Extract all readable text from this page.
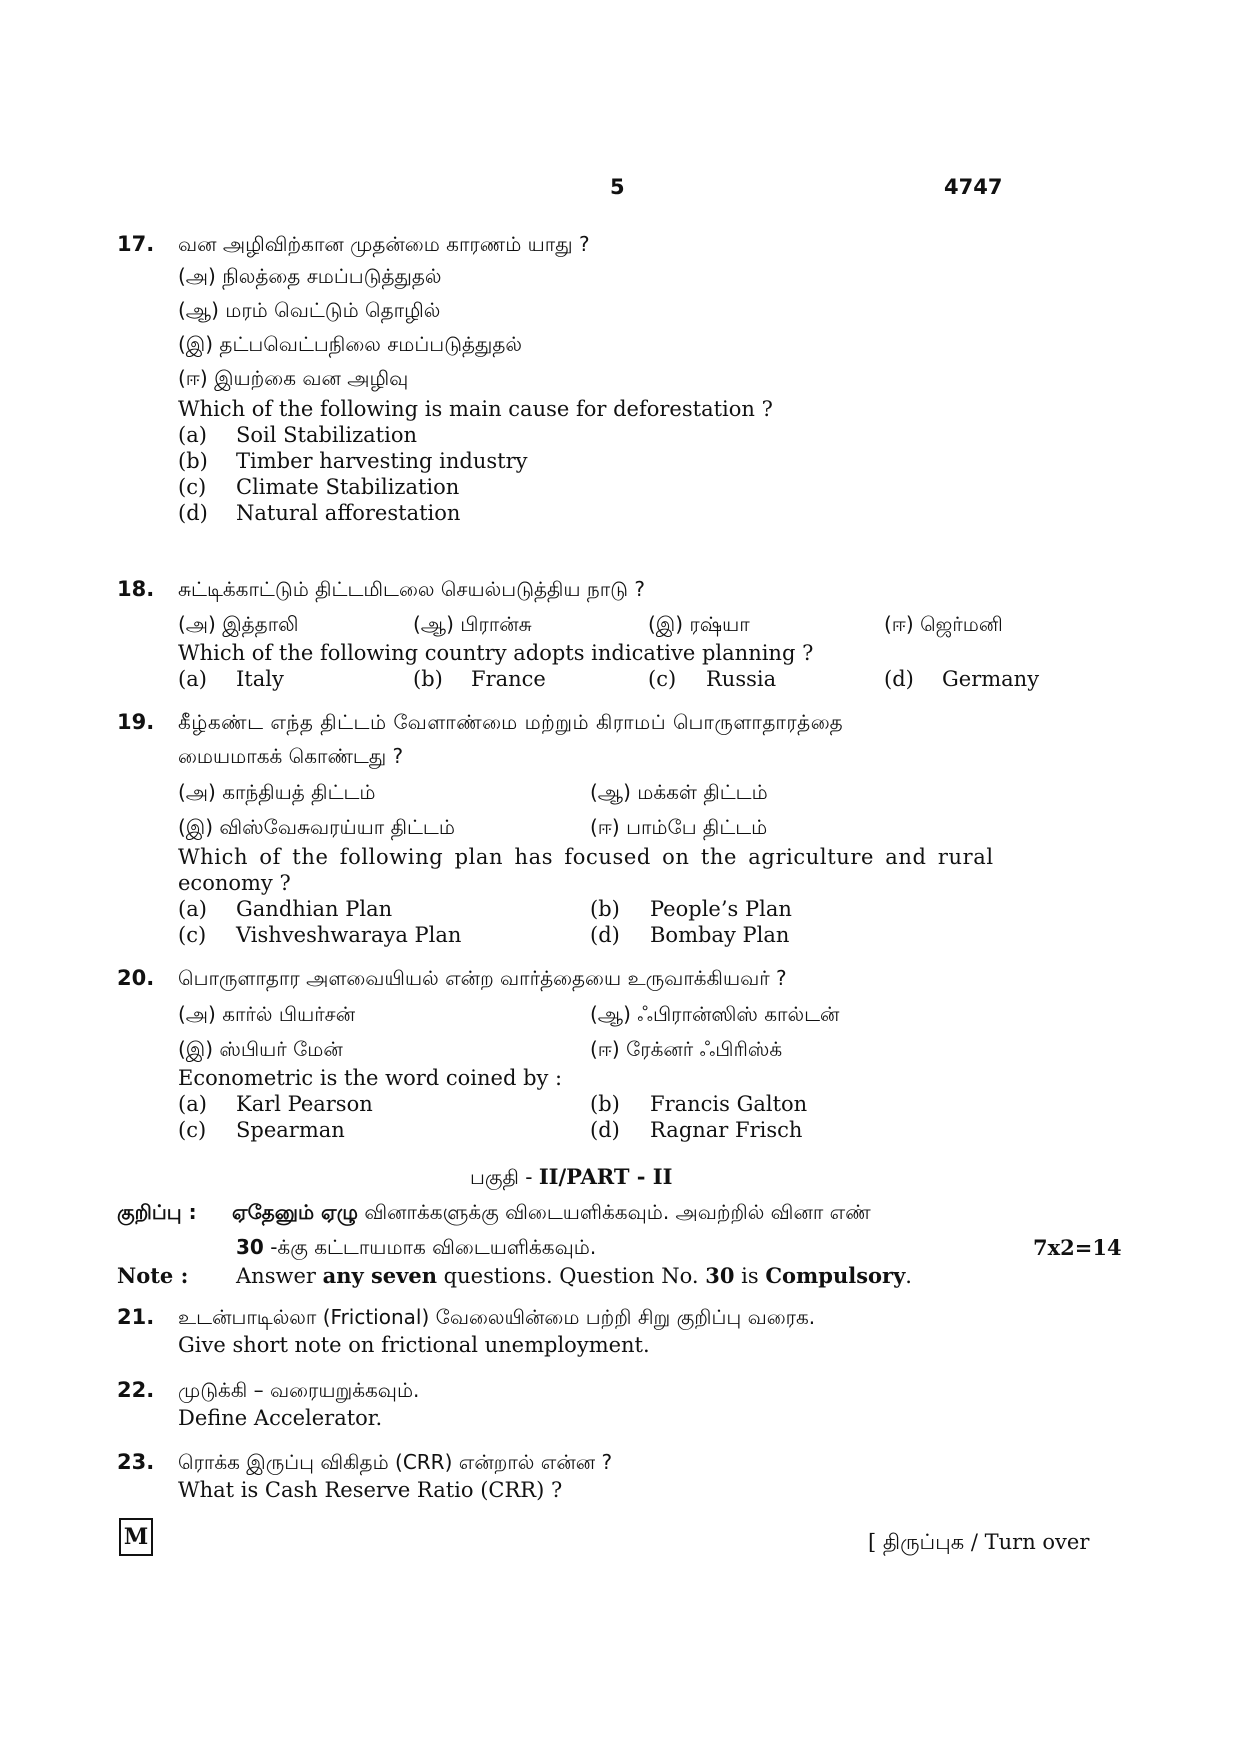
5	4747
17. வன அழிவிற்கான முதன்மை காரணம் யாது ?
(அ) நிலத்தை சமப்படுத்துதல்
(ஆ) மரம் வெட்டும் தொழில்
(இ) தட்பவெட்பநிலை சமப்படுத்துதல்
(ஈ) இயற்கை வன அழிவு
Which of the following is main cause for deforestation ?
(a) Soil Stabilization
(b) Timber harvesting industry
(c) Climate Stabilization
(d) Natural afforestation
18. சுட்டிக்காட்டும் திட்டமிடலை செயல்படுத்திய நாடு ?
(அ) இத்தாலி	(ஆ) பிரான்சு	(இ) ரஷ்யா	(ஈ) ஜெர்மனி
Which of the following country adopts indicative planning ?
(a) Italy	(b) France	(c) Russia	(d) Germany
19. கீழ்கண்ட எந்த திட்டம் வேளாண்மை மற்றும் கிராமப் பொருளாதாரத்தை
மையமாகக் கொண்டது ?
(அ) காந்தியத் திட்டம்	(ஆ) மக்கள் திட்டம்
(இ) விஸ்வேசுவரய்யா திட்டம்	(ஈ) பாம்பே திட்டம்
Which of the following plan has focused on the agriculture and rural
economy ?
(a) Gandhian Plan	(b) People’s Plan
(c) Vishveshwaraya Plan	(d) Bombay Plan
20. பொருளாதார அளவையியல் என்ற வார்த்தையை உருவாக்கியவர் ?
(அ) கார்ல் பியர்சன்	(ஆ) ஃபிரான்ஸிஸ் கால்டன்
(இ) ஸ்பியர் மேன்	(ஈ) ரேக்னர் ஃபிரிஸ்க்
Econometric is the word coined by :
(a) Karl Pearson	(b) Francis Galton
(c) Spearman	(d) Ragnar Frisch
பகுதி - II/PART - II
குறிப்பு : ஏதேனும் ஏழு வினாக்களுக்கு விடையளிக்கவும். அவற்றில் வினா எண்
30 -க்கு கட்டாயமாக விடையளிக்கவும்.	7x2=14
Note : Answer any seven questions. Question No. 30 is Compulsory.
21. உடன்பாடில்லா (Frictional) வேலையின்மை பற்றி சிறு குறிப்பு வரைக.
Give short note on frictional unemployment.
22. முடுக்கி – வரையறுக்கவும்.
Define Accelerator.
23. ரொக்க இருப்பு விகிதம் (CRR) என்றால் என்ன ?
What is Cash Reserve Ratio (CRR) ?
M	[ திருப்புக / Turn over
